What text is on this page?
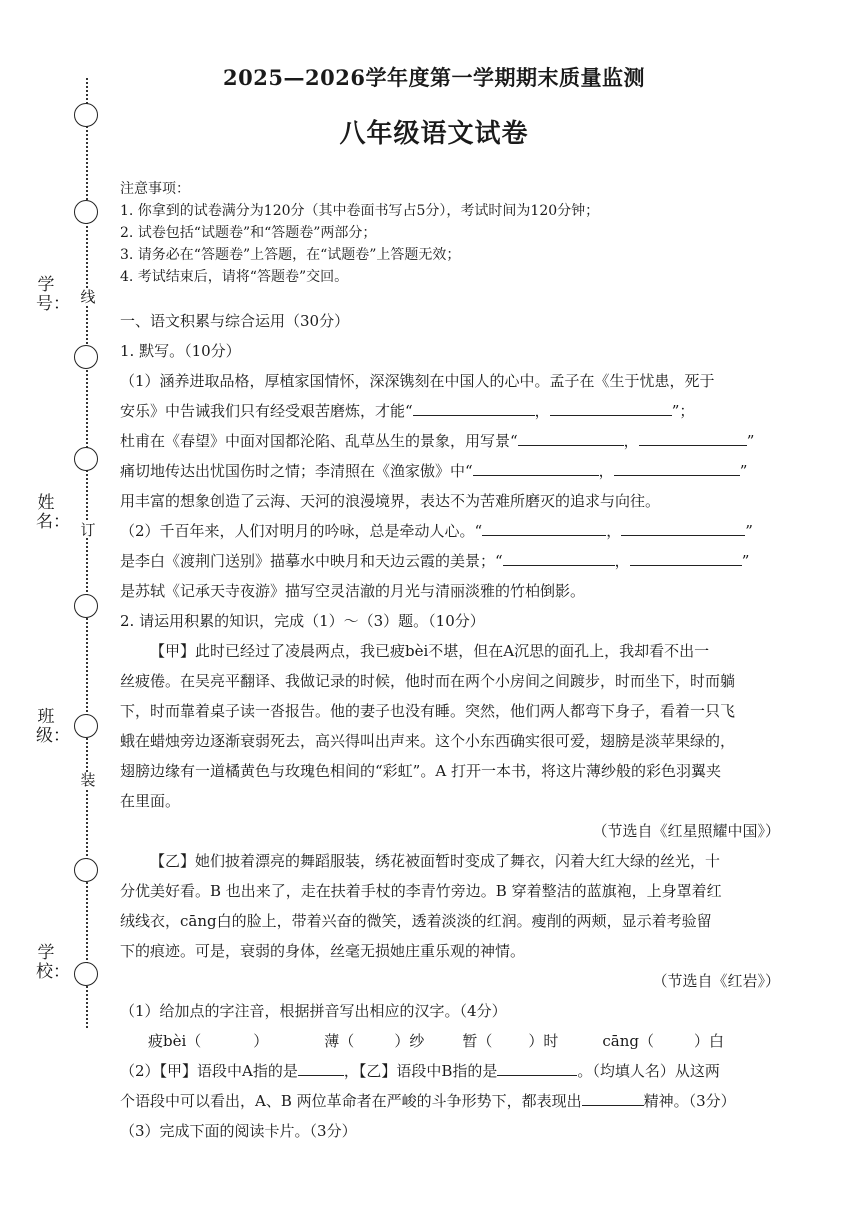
线
订
装
学号：
姓名：
班级：
学校：
2025—2026学年度第一学期期末质量监测
八年级语文试卷
注意事项：
1. 你拿到的试卷满分为120分（其中卷面书写占5分），考试时间为120分钟；
2. 试卷包括“试题卷”和“答题卷”两部分；
3. 请务必在“答题卷”上答题，在“试题卷”上答题无效；
4. 考试结束后，请将“答题卷”交回。
一、语文积累与综合运用（30分）
1. 默写。（10分）
（1）涵养进取品格，厚植家国情怀，深深镌刻在中国人的心中。孟子在《生于忧患，死于
安乐》中告诫我们只有经受艰苦磨炼，才能“	，	”；
杜甫在《春望》中面对国都沦陷、乱草丛生的景象，用写景“	，	”
痛切地传达出忧国伤时之情；李清照在《渔家傲》中“	，	”
用丰富的想象创造了云海、天河的浪漫境界，表达不为苦难所磨灭的追求与向往。
（2）千百年来，人们对明月的吟咏，总是牵动人心。“	，	”
是李白《渡荆门送别》描摹水中映月和天边云霞的美景；“	，	”
是苏轼《记承天寺夜游》描写空灵洁澈的月光与清丽淡雅的竹柏倒影。
2. 请运用积累的知识，完成（1）～（3）题。（10分）
【甲】此时已经过了凌晨两点，我已疲bèi不堪，但在A沉思的面孔上，我却看不出一
丝疲倦。在吴亮平翻译、我做记录的时候，他时而在两个小房间之间踱步，时而坐下，时而躺
下，时而靠着桌子读一沓报告。他的妻子也没有睡。突然，他们两人都弯下身子，看着一只飞
蛾在蜡烛旁边逐渐衰弱死去，高兴得叫出声来。这个小东西确实很可爱，翅膀是淡苹果绿的，
翅膀边缘有一道橘黄色与玫瑰色相间的“彩虹”。A 打开一本书，将这片薄纱般的彩色羽翼夹
在里面。
（节选自《红星照耀中国》）
【乙】她们披着漂亮的舞蹈服装，绣花被面暂时变成了舞衣，闪着大红大绿的丝光，十
分优美好看。B 也出来了，走在扶着手杖的李青竹旁边。B 穿着整洁的蓝旗袍，上身罩着红
绒线衣，cāng白的脸上，带着兴奋的微笑，透着淡淡的红润。瘦削的两颊，显示着考验留
下的痕迹。可是，衰弱的身体，丝毫无损她庄重乐观的神情。
（节选自《红岩》）
（1）给加点的字注音，根据拼音写出相应的汉字。（4分）
疲bèi（	）	薄（	）纱	暂（ ）时	cāng（	）白
（2）【甲】语段中A指的是	，【乙】语段中B指的是	。（均填人名）从这两
个语段中可以看出，A、B 两位革命者在严峻的斗争形势下，都表现出	精神。（3分）
（3）完成下面的阅读卡片。（3分）
